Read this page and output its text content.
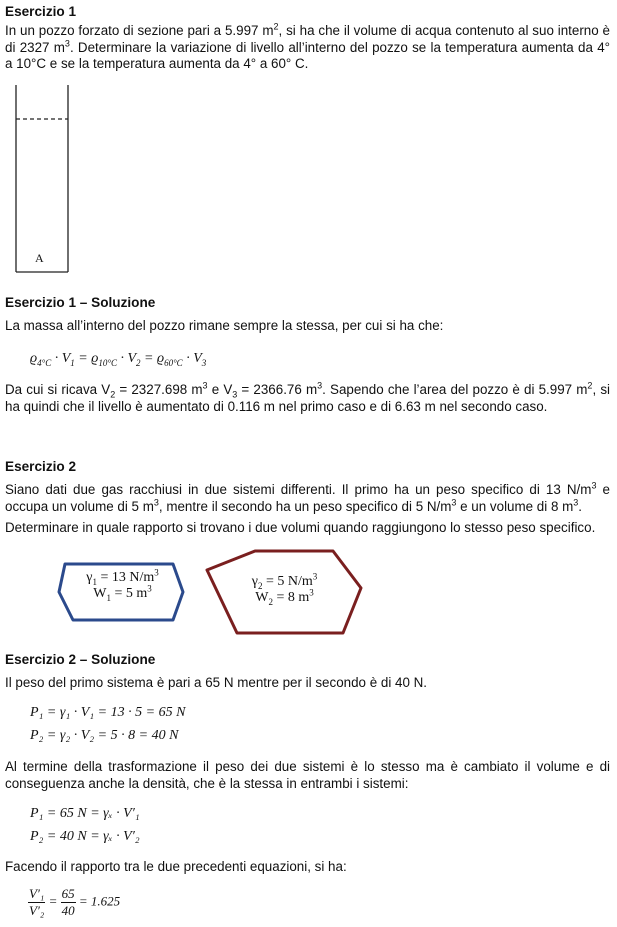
Esercizio 1
In un pozzo forzato di sezione pari a 5.997 $m^2$, si ha che il volume di acqua contenuto al suo interno è di 2327 $m^3$. Determinare la variazione di livello all’interno del pozzo se la temperatura aumenta da 4° a 10°C e se la temperatura aumenta da 4° a 60° C.
A
Esercizio 1 – Soluzione
La massa all’interno del pozzo rimane sempre la stessa, per cui si ha che:
$ϱ_{4^\circ C} \cdot V_1 = ϱ_{10^\circ C} \cdot V_2 = ϱ_{60^\circ C} \cdot V_3$
Da cui si ricava $V_2 = 2327.698$ $m^3$ e $V_3 = 2366.76$ $m^3$. Sapendo che l’area del pozzo è di 5.997 $m^2$, si ha quindi che il livello è aumentato di 0.116 m nel primo caso e di 6.63 m nel secondo caso.
Esercizio 2
Siano dati due gas racchiusi in due sistemi differenti. Il primo ha un peso specifico di 13 $N/m^3$ e occupa un volume di 5 $m^3$, mentre il secondo ha un peso specifico di 5 $N/m^3$ e un volume di 8 $m^3$.
Determinare in quale rapporto si trovano i due volumi quando raggiungono lo stesso peso specifico.
$\gamma_1 = 13$ $N/m^3$
$W_1 = 5$ $m^3$	$\gamma_2 = 5$ $N/m^3$
$W_2 = 8$ $m^3$
Esercizio 2 – Soluzione
Il peso del primo sistema è pari a 65 N mentre per il secondo è di 40 N.
P₁ = γ₁ · V₁ = 13 · 5 = 65 N
P₂ = γ₂ · V₂ = 5 · 8 = 40 N
Al termine della trasformazione il peso dei due sistemi è lo stesso ma è cambiato il volume e di conseguenza anche la densità, che è la stessa in entrambi i sistemi:
P₁ = 65 N = γₓ · V′₁
P₂ = 40 N = γₓ · V′₂
Facendo il rapporto tra le due precedenti equazioni, si ha:
$\frac{\text{V′₁}}{\text{V′₂}} = \frac{65}{40} = 1.625$
